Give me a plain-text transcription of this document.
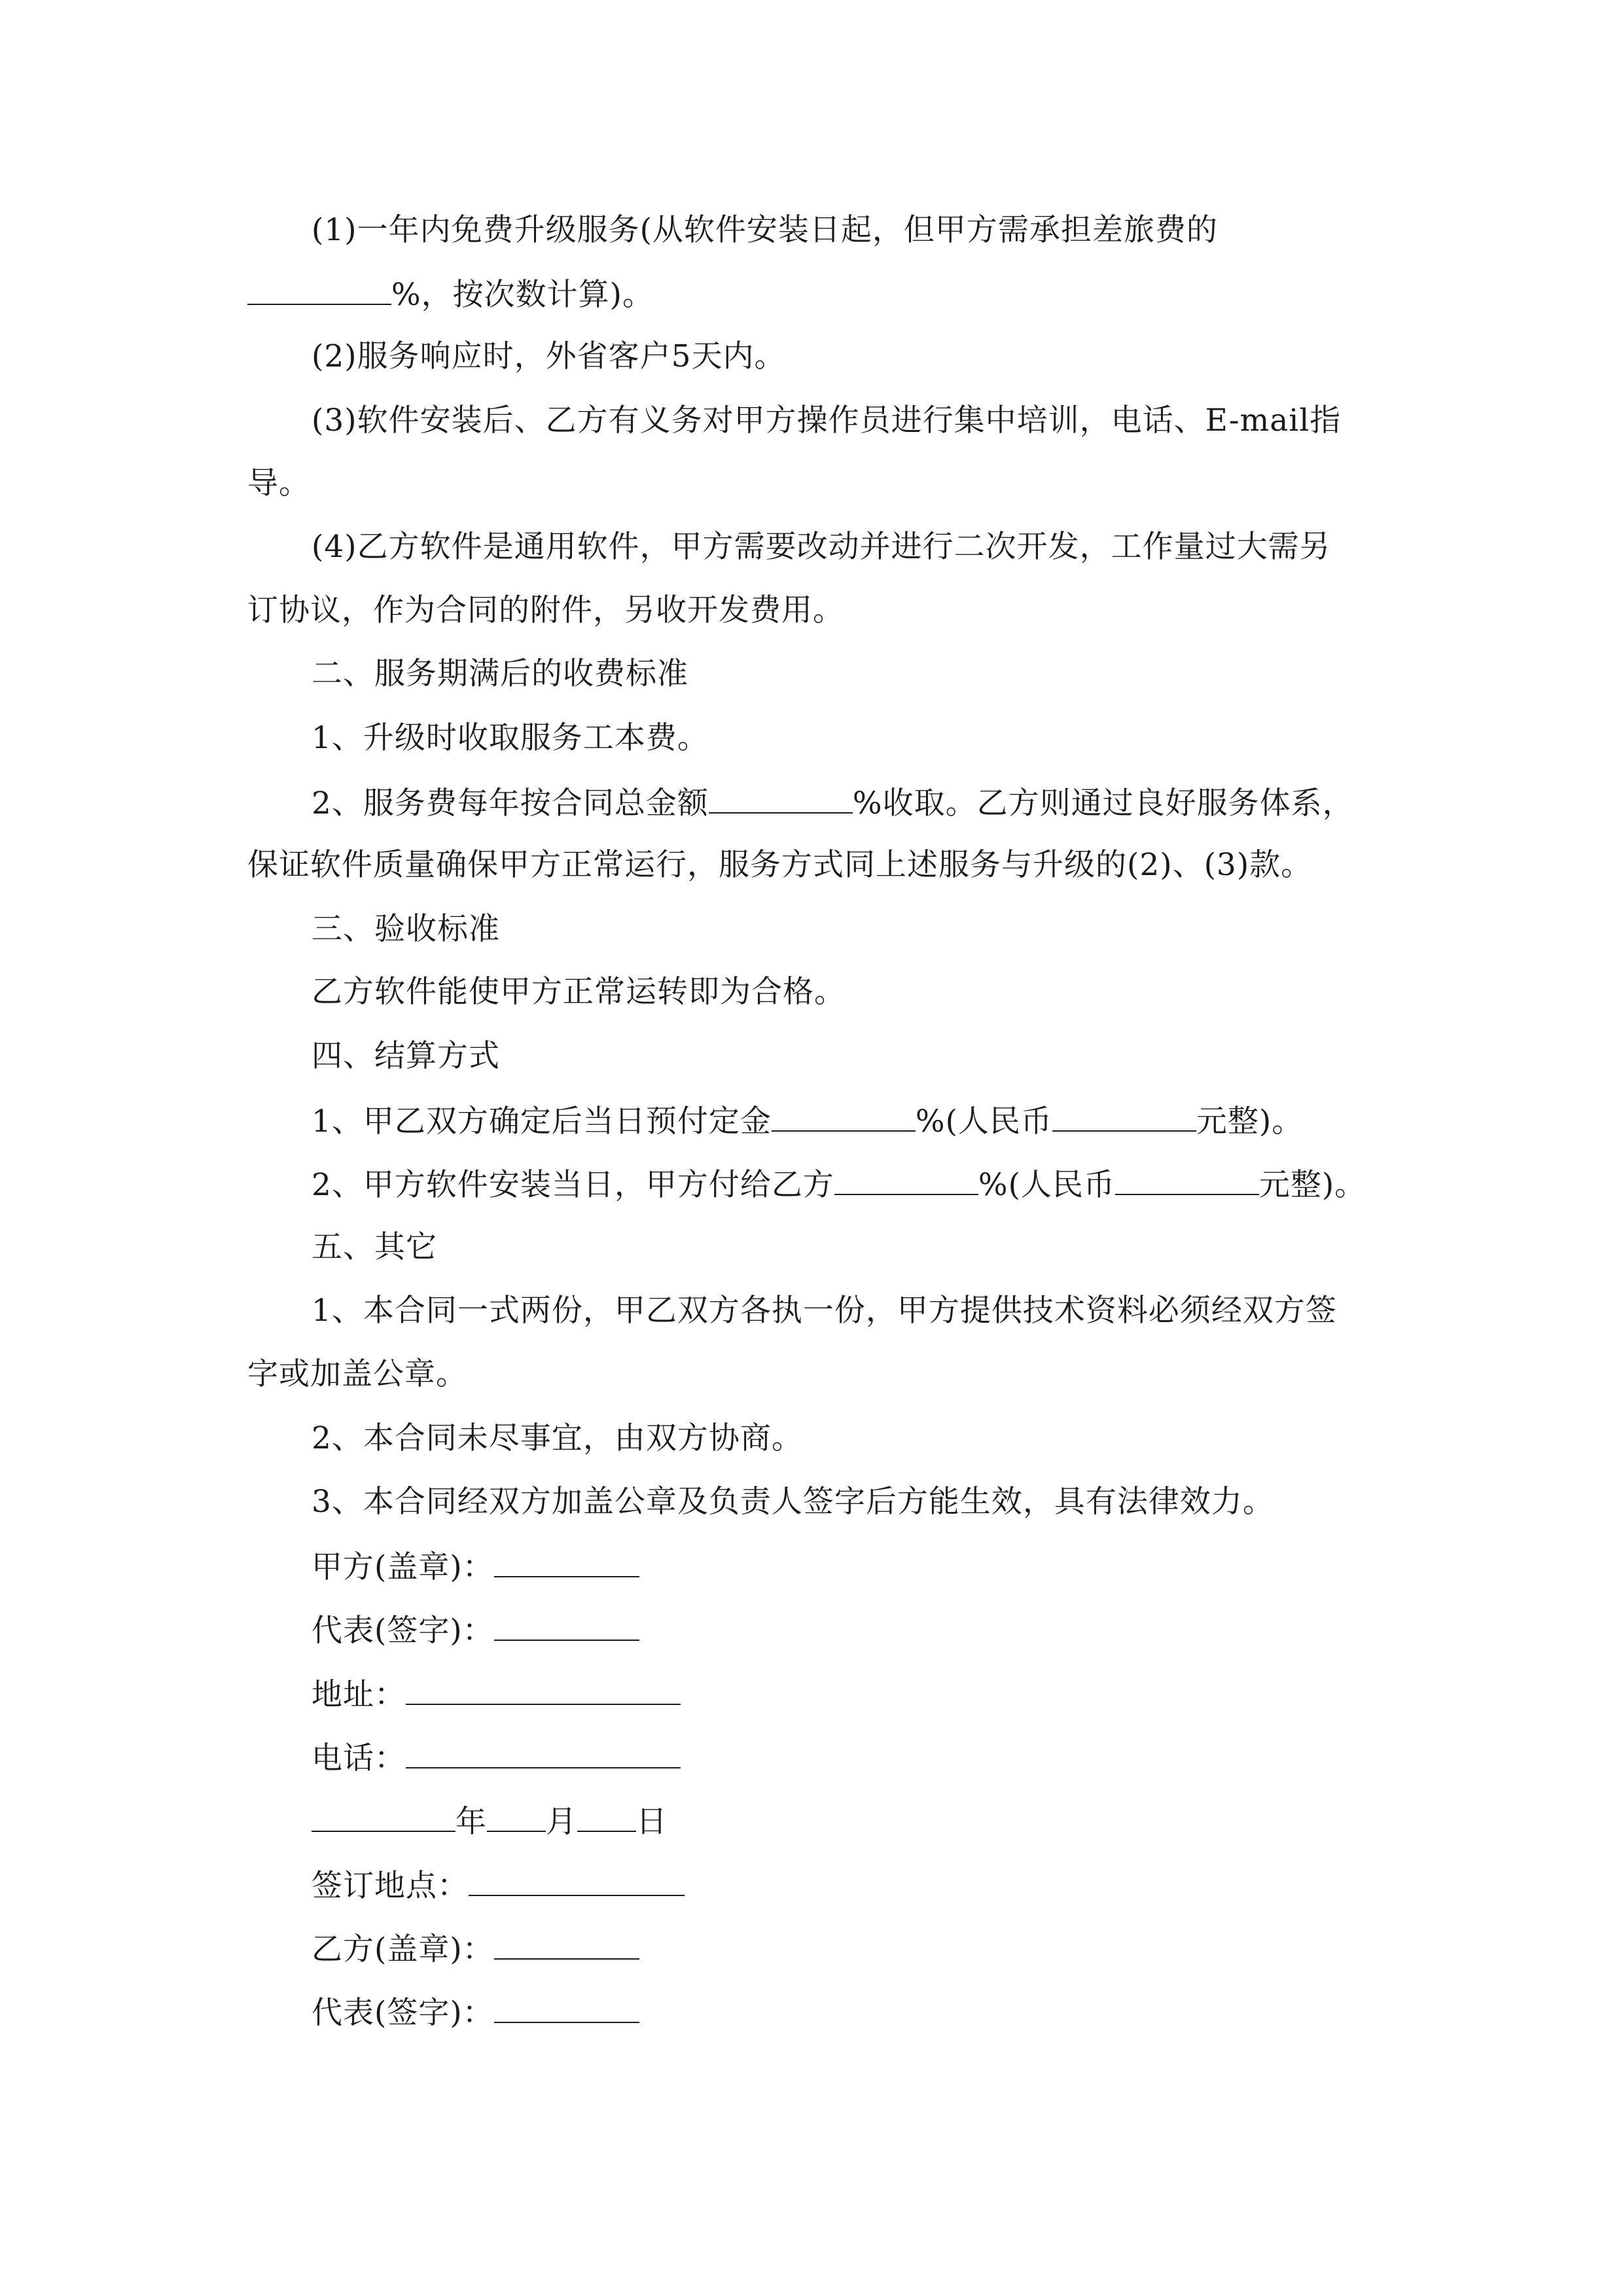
(1)一年内免费升级服务(从软件安装日起，但甲方需承担差旅费的
%，按次数计算)。
(2)服务响应时，外省客户5天内。
(3)软件安装后、乙方有义务对甲方操作员进行集中培训，电话、E-mail指
导。
(4)乙方软件是通用软件，甲方需要改动并进行二次开发，工作量过大需另
订协议，作为合同的附件，另收开发费用。
二、服务期满后的收费标准
1、升级时收取服务工本费。
2、服务费每年按合同总金额	%收取。乙方则通过良好服务体系，
保证软件质量确保甲方正常运行，服务方式同上述服务与升级的(2)、(3)款。
三、验收标准
乙方软件能使甲方正常运转即为合格。
四、结算方式
1、甲乙双方确定后当日预付定金	%(人民币	元整)。
2、甲方软件安装当日，甲方付给乙方	%(人民币	元整)。
五、其它
1、本合同一式两份，甲乙双方各执一份，甲方提供技术资料必须经双方签
字或加盖公章。
2、本合同未尽事宜，由双方协商。
3、本合同经双方加盖公章及负责人签字后方能生效，具有法律效力。
甲方(盖章)：
代表(签字)：
地址：
电话：
年 月 日
签订地点：
乙方(盖章)：
代表(签字)：
